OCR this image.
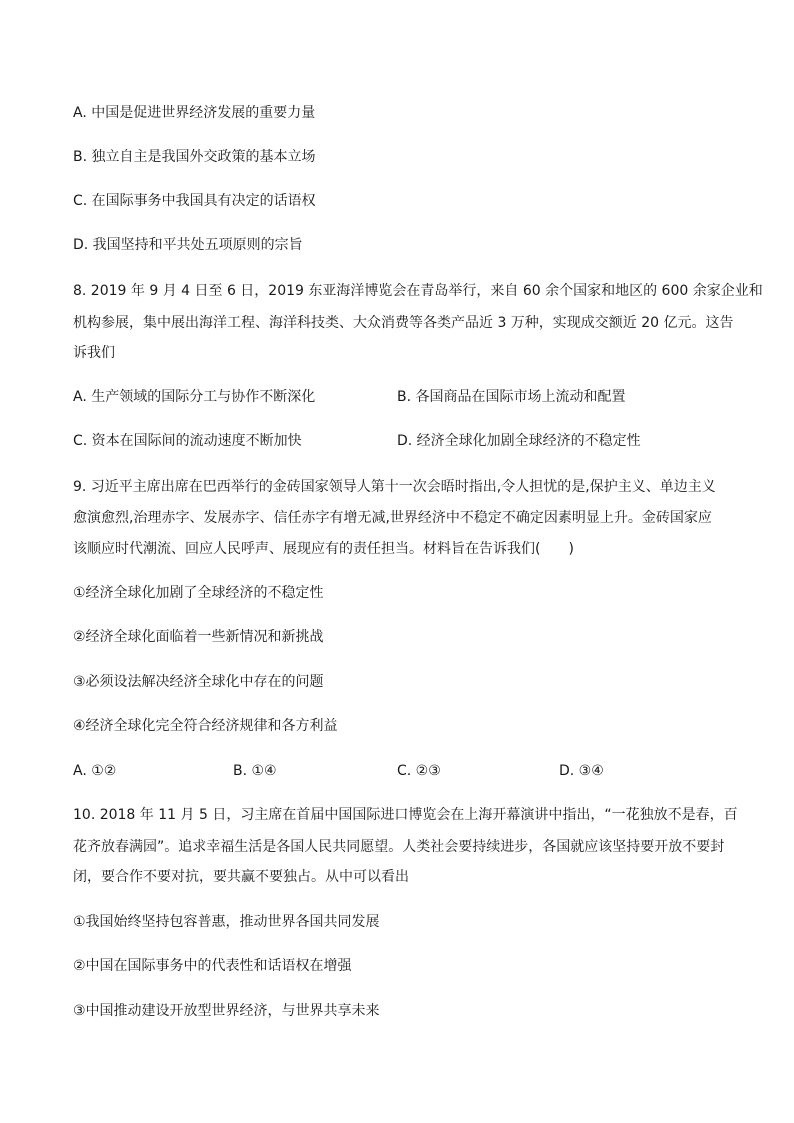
A. 中国是促进世界经济发展的重要力量
B. 独立自主是我国外交政策的基本立场
C. 在国际事务中我国具有决定的话语权
D. 我国坚持和平共处五项原则的宗旨
8. 2019 年 9 月 4 日至 6 日，2019 东亚海洋博览会在青岛举行，来自 60 余个国家和地区的 600 余家企业和
机构参展，集中展出海洋工程、海洋科技类、大众消费等各类产品近 3 万种，实现成交额近 20 亿元。这告
诉我们
A. 生产领域的国际分工与协作不断深化	B. 各国商品在国际市场上流动和配置
C. 资本在国际间的流动速度不断加快	D. 经济全球化加剧全球经济的不稳定性
9. 习近平主席出席在巴西举行的金砖国家领导人第十一次会晤时指出,令人担忧的是,保护主义、单边主义
愈演愈烈,治理赤字、发展赤字、信任赤字有增无减,世界经济中不稳定不确定因素明显上升。金砖国家应
该顺应时代潮流、回应人民呼声、展现应有的责任担当。材料旨在告诉我们(　　)
①经济全球化加剧了全球经济的不稳定性
②经济全球化面临着一些新情况和新挑战
③必须设法解决经济全球化中存在的问题
④经济全球化完全符合经济规律和各方利益
A. ①②	B. ①④	C. ②③	D. ③④
10. 2018 年 11 月 5 日，习主席在首届中国国际进口博览会在上海开幕演讲中指出，“一花独放不是春，百
花齐放春满园”。追求幸福生活是各国人民共同愿望。人类社会要持续进步，各国就应该坚持要开放不要封
闭，要合作不要对抗，要共赢不要独占。从中可以看出
①我国始终坚持包容普惠，推动世界各国共同发展
②中国在国际事务中的代表性和话语权在增强
③中国推动建设开放型世界经济，与世界共享未来
